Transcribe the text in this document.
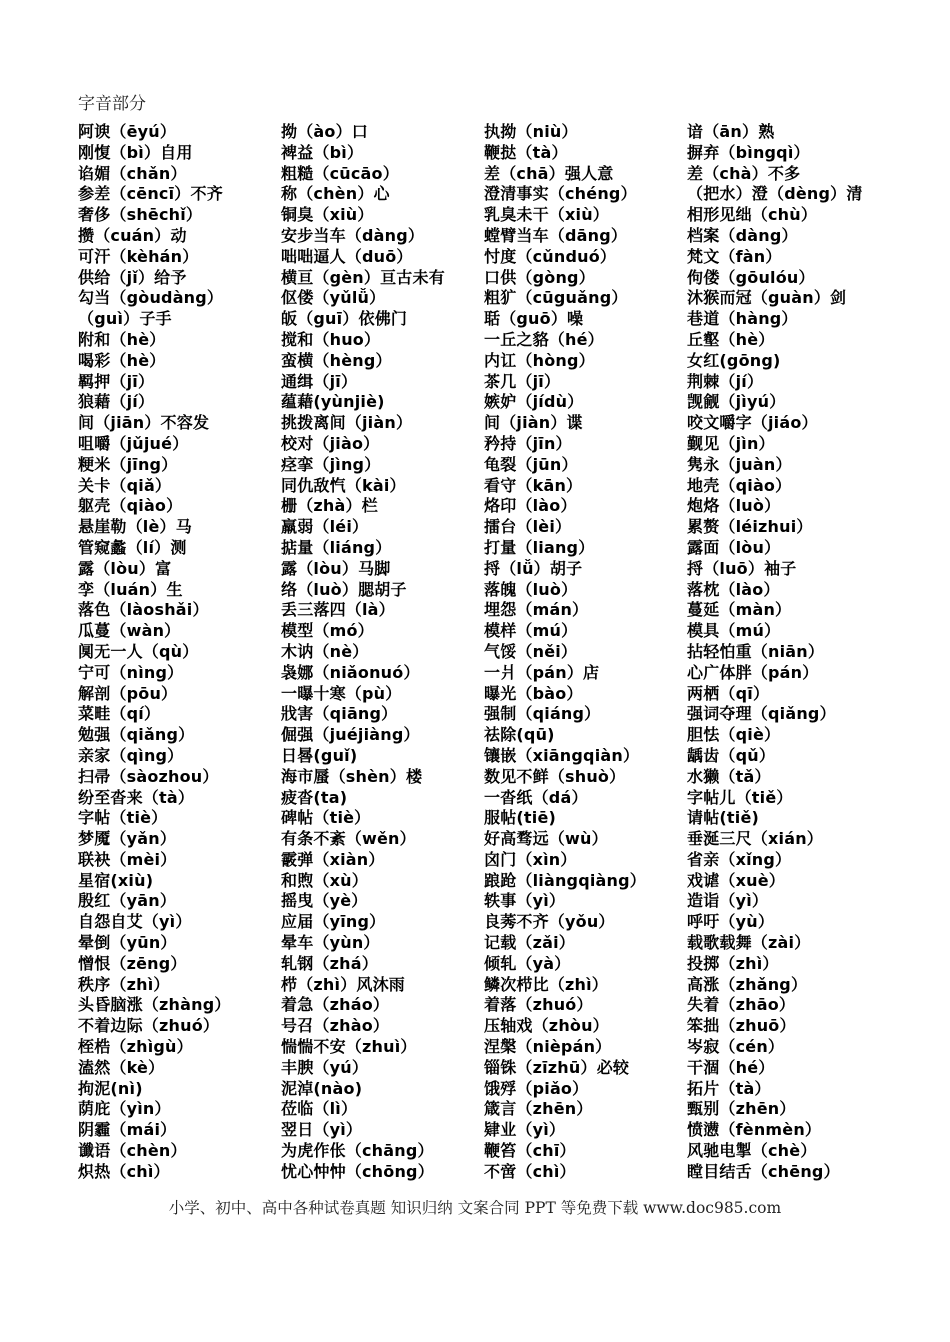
字音部分
阿谀（ēyú）
刚愎（bì）自用
谄媚（chǎn）
参差（cēncī）不齐
奢侈（shēchǐ）
攒（cuán）动
可汗（kèhán）
供给（jǐ）给予
勾当（gòudàng）
（guì）子手
附和（hè）
喝彩（hè）
羁押（jī）
狼藉（jí）
间（jiān）不容发
咀嚼（jǔjué）
粳米（jīng）
关卡（qiǎ）
躯壳（qiào）
悬崖勒（lè）马
管窥蠡（lí）测
露（lòu）富
孪（luán）生
落色（làoshǎi）
瓜蔓（wàn）
阒无一人（qù）
宁可（nìng）
解剖（pōu）
菜畦（qí）
勉强（qiǎng）
亲家（qìng）
扫帚（sàozhou）
纷至沓来（tà）
字帖（tiè）
梦魇（yǎn）
联袂（mèi）
星宿(xiù)
殷红（yān）
自怨自艾（yì）
晕倒（yūn）
憎恨（zēng）
秩序（zhì）
头昏脑涨（zhàng）
不着边际（zhuó）
桎梏（zhìgù）
溘然（kè）
拘泥(nì)
荫庇（yìn）
阴霾（mái）
谶语（chèn）
炽热（chì）
拗（ào）口
裨益（bì）
粗糙（cūcāo）
称（chèn）心
铜臭（xiù）
安步当车（dàng）
咄咄逼人（duō）
横亘（gèn）亘古未有
伛偻（yǔlǚ）
皈（guī）依佛门
搅和（huo）
蛮横（hèng）
通缉（jī）
蕴藉(yùnjiè)
挑拨离间（jiàn）
校对（jiào）
痉挛（jìng）
同仇敌忾（kài）
栅（zhà）栏
羸弱（léi）
掂量（liáng）
露（lòu）马脚
络（luò）腮胡子
丢三落四（là）
模型（mó）
木讷（nè）
袅娜（niǎonuó）
一曝十寒（pù）
戕害（qiāng）
倔强（juéjiàng）
日晷(guǐ)
海市蜃（shèn）楼
疲沓(ta)
碑帖（tiè）
有条不紊（wěn）
霰弹（xiàn）
和煦（xù）
摇曳（yè）
应届（yīng）
晕车（yùn）
轧钢（zhá）
栉（zhì）风沐雨
着急（zháo）
号召（zhào）
惴惴不安（zhuì）
丰腴（yú）
泥淖(nào)
莅临（lì）
翌日（yì）
为虎作伥（chāng）
忧心忡忡（chōng）
执拗（niù）
鞭挞（tà）
差（chā）强人意
澄清事实（chéng）
乳臭未干（xiù）
螳臂当车（dāng）
忖度（cǔnduó）
口供（gòng）
粗犷（cūguǎng）
聒（guō）噪
一丘之貉（hé）
内讧（hòng）
茶几（jī）
嫉妒（jídù）
间（jiàn）谍
矜持（jīn）
龟裂（jūn）
看守（kān）
烙印（lào）
擂台（lèi）
打量（liang）
捋（lǚ）胡子
落魄（luò）
埋怨（mán）
模样（mú）
气馁（něi）
一爿（pán）店
曝光（bào）
强制（qiáng）
祛除(qū)
镶嵌（xiāngqiàn）
数见不鲜（shuò）
一沓纸（dá）
服帖(tiē)
好高骛远（wù）
囟门（xìn）
踉跄（liàngqiàng）
轶事（yì）
良莠不齐（yǒu）
记载（zǎi）
倾轧（yà）
鳞次栉比（zhì）
着落（zhuó）
压轴戏（zhòu）
涅槃（nièpán）
锱铢（zīzhū）必较
饿殍（piǎo）
箴言（zhēn）
肄业（yì）
鞭笞（chī）
不啻（chì）
谙（ān）熟
摒弃（bìngqì）
差（chà）不多
（把水）澄（dèng）清
相形见绌（chù）
档案（dàng）
梵文（fàn）
佝偻（gōulóu）
沐猴而冠（guàn）剑
巷道（hàng）
丘壑（hè）
女红(gōng)
荆棘（jí）
觊觎（jìyú）
咬文嚼字（jiáo）
觐见（jìn）
隽永（juàn）
地壳（qiào）
炮烙（luò）
累赘（léizhui）
露面（lòu）
捋（luō）袖子
落枕（lào）
蔓延（màn）
模具（mú）
拈轻怕重（niān）
心广体胖（pán）
两栖（qī）
强词夺理（qiǎng）
胆怯（qiè）
龋齿（qǔ）
水獭（tǎ）
字帖儿（tiě）
请帖(tiě)
垂涎三尺（xián）
省亲（xǐng）
戏谑（xuè）
造诣（yì）
呼吁（yù）
载歌载舞（zài）
投掷（zhì）
高涨（zhǎng）
失着（zhāo）
笨拙（zhuō）
岑寂（cén）
干涸（hé）
拓片（tà）
甄别（zhēn）
愤懑（fènmèn）
风驰电掣（chè）
瞠目结舌（chēng）
小学、初中、高中各种试卷真题 知识归纳 文案合同 PPT 等免费下载 www.doc985.com
